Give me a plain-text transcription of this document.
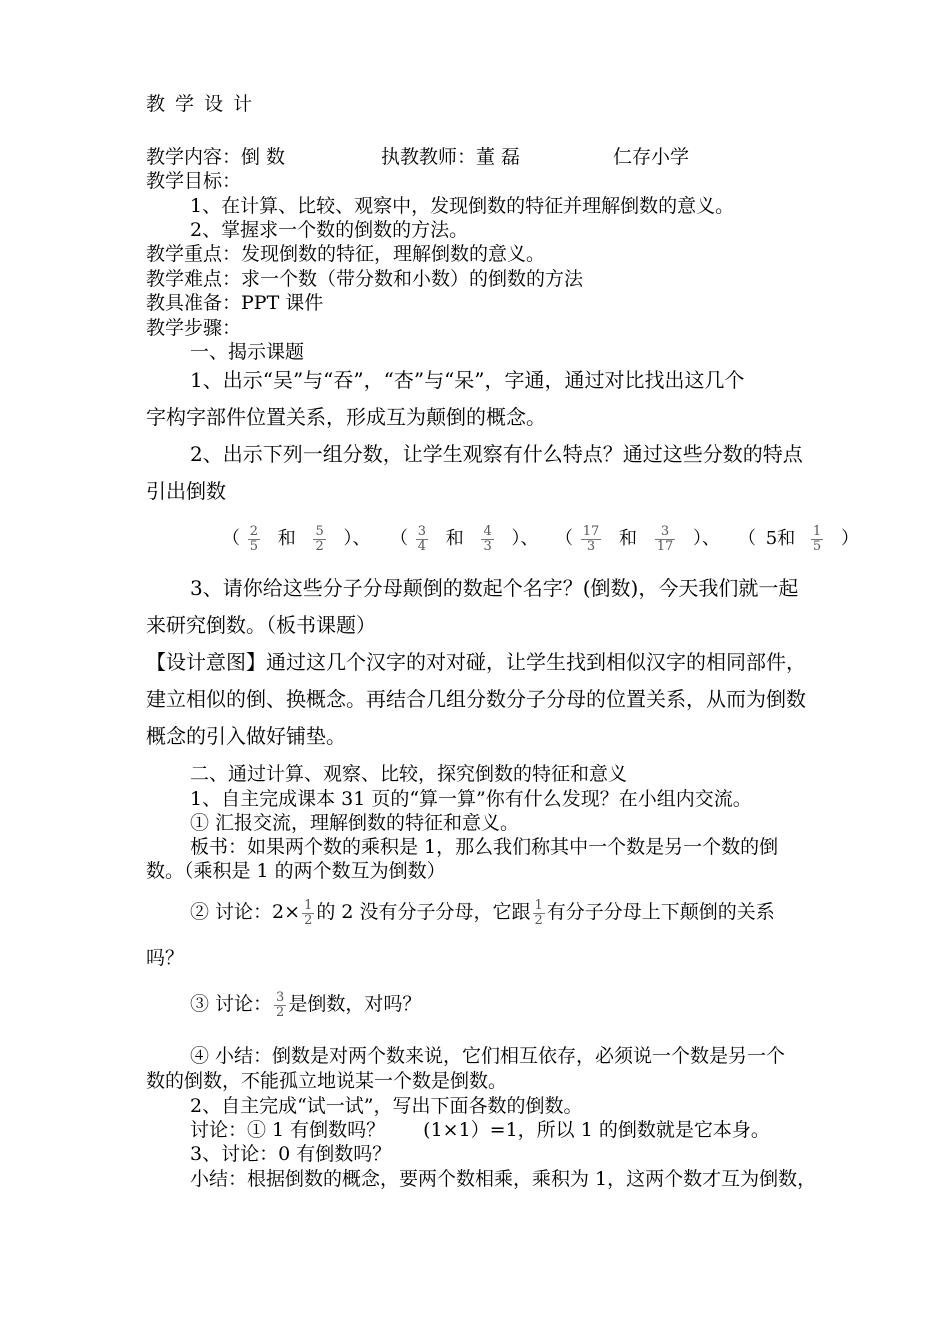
教 学 设 计
教学内容：倒 数	执教教师：董 磊	仁存小学
教学目标：
1、在计算、比较、观察中，发现倒数的特征并理解倒数的意义。
2、掌握求一个数的倒数的方法。
教学重点：发现倒数的特征，理解倒数的意义。
教学难点：求一个数（带分数和小数）的倒数的方法
教具准备：PPT 课件
教学步骤：
一、揭示课题
1、出示“吴”与“吞”，“杏”与“呆”，字通，通过对比找出这几个
字构字部件位置关系，形成互为颠倒的概念。
2、出示下列一组分数，让学生观察有什么特点？通过这些分数的特点
引出倒数
（ $\frac{2}{5}$ 和 $\frac{5}{2}$ ）、 （ $\frac{3}{4}$ 和 $\frac{4}{3}$ ）、 （ $\frac{17}{3}$ 和 $\frac{3}{17}$ ）、 （ 5和 $\frac{1}{5}$ ）
3、请你给这些分子分母颠倒的数起个名字？(倒数)，今天我们就一起
来研究倒数。（板书课题）
【设计意图】通过这几个汉字的对对碰，让学生找到相似汉字的相同部件，
建立相似的倒、换概念。再结合几组分数分子分母的位置关系，从而为倒数
概念的引入做好铺垫。
二、通过计算、观察、比较，探究倒数的特征和意义
1、自主完成课本 31 页的“算一算”你有什么发现？在小组内交流。
① 汇报交流，理解倒数的特征和意义。
板书：如果两个数的乘积是 1，那么我们称其中一个数是另一个数的倒
数。（乘积是 1 的两个数互为倒数）
② 讨论：$2\times \frac{1}{2}$ 的 2 没有分子分母，它跟 $\frac{1}{2}$ 有分子分母上下颠倒的关系
吗？
③ 讨论： $\frac{3}{2}$ 是倒数，对吗？
④ 小结：倒数是对两个数来说，它们相互依存，必须说一个数是另一个
数的倒数，不能孤立地说某一个数是倒数。
2、自主完成“试一试”，写出下面各数的倒数。
讨论：① 1 有倒数吗？　　(1×1）=1，所以 1 的倒数就是它本身。
3、讨论：0 有倒数吗？
小结：根据倒数的概念，要两个数相乘，乘积为 1，这两个数才互为倒数，
